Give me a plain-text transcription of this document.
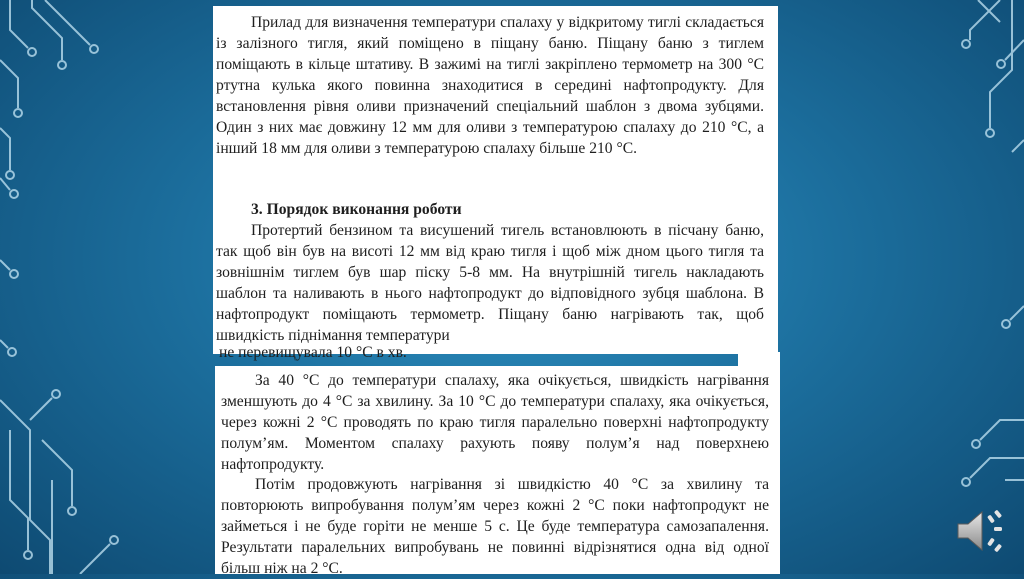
Прилад для визначення температури спалаху у відкритому тиглі складається із залізного тигля, який поміщено в піщану баню. Піщану баню з тиглем поміщають в кільце штативу. В зажимі на тиглі закріплено термометр на 300 °С ртутна кулька якого повинна знаходитися в середині нафтопродукту. Для встановлення рівня оливи призначений спеціальний шаблон з двома зубцями. Один з них має довжину 12 мм для оливи з температурою спалаху до 210 °С, а інший 18 мм для оливи з температурою спалаху більше 210 °С.

3. Порядок виконання роботи

Протертий бензином та висушений тигель встановлюють в пісчану баню, так щоб він був на висоті 12 мм від краю тигля і щоб між дном цього тигля та зовнішнім тиглем був шар піску 5-8 мм. На внутрішній тигель накладають шаблон та наливають в нього нафтопродукт до відповідного зубця шаблона. В нафтопродукт поміщають термометр. Піщану баню нагрівають так, щоб швидкість піднімання температури

не перевищувала 10 °С в хв.

За 40 °С до температури спалаху, яка очікується, швидкість нагрівання зменшують до 4 °С за хвилину. За 10 °С до температури спалаху, яка очікується, через кожні 2 °С проводять по краю тигля паралельно поверхні нафтопродукту полум’ям. Моментом спалаху рахують появу полум’я над поверхнею нафтопродукту.

Потім продовжують нагрівання зі швидкістю 40 °С за хвилину та повторюють випробування полум’ям через кожні 2 °С поки нафтопродукт не займеться і не буде горіти не менше 5 с. Це буде температура самозапалення. Результати паралельних випробувань не повинні відрізнятися одна від одної більш ніж на 2 °С.
